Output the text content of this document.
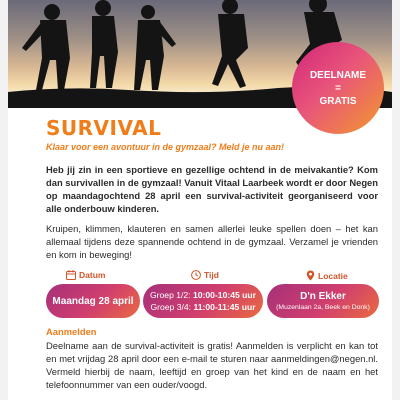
DEELNAME
=
GRATIS
SURVIVAL
Klaar voor een avontuur in de gymzaal? Meld je nu aan!
Heb jij zin in een sportieve en gezellige ochtend in de meivakantie? Kom dan survivallen in de gymzaal! Vanuit Vitaal Laarbeek wordt er door Negen op maandagochtend 28 april een survival-activiteit georganiseerd voor alle onderbouw kinderen.
Kruipen, klimmen, klauteren en samen allerlei leuke spellen doen – het kan allemaal tijdens deze spannende ochtend in de gymzaal. Verzamel je vrienden en kom in beweging!
Datum	Tijd	Locatie
Maandag 28 april
Groep 1/2: 10:00-10:45 uur
Groep 3/4: 11:00-11:45 uur
D'n Ekker
(Muzenlaan 2a, Beek en Donk)
Aanmelden
Deelname aan de survival-activiteit is gratis! Aanmelden is verplicht en kan tot en met vrijdag 28 april door een e-mail te sturen naar aanmeldingen@negen.nl. Vermeld hierbij de naam, leeftijd en groep van het kind en de naam en het telefoonnummer van een ouder/voogd.
